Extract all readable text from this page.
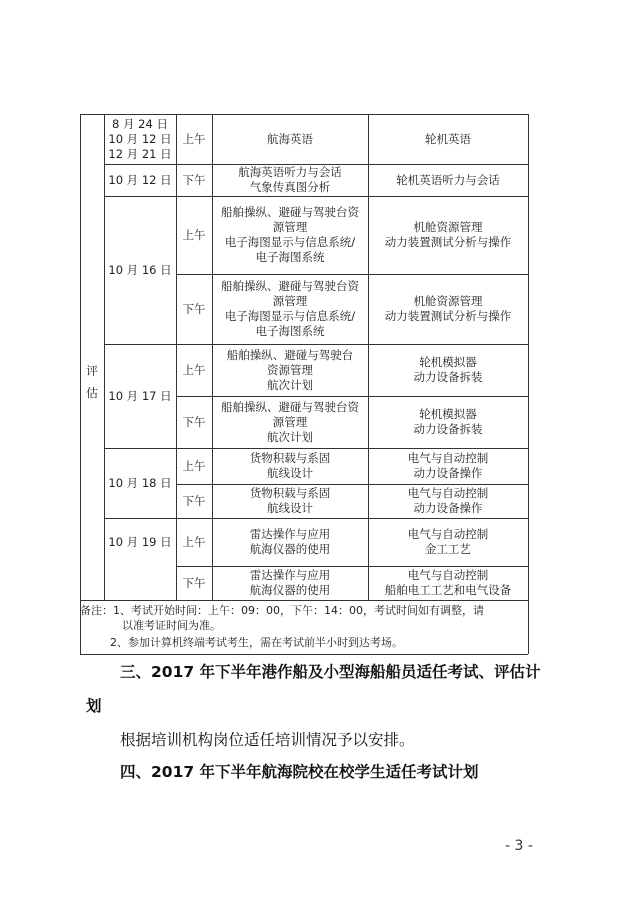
评
估
8 月 24 日
10 月 12 日
12 月 21 日
上午	航海英语	轮机英语
10 月 12 日 下午
航海英语听力与会话
气象传真图分析
轮机英语听力与会话
10 月 16 日
上午
船舶操纵、避碰与驾驶台资
源管理
电子海图显示与信息系统/
电子海图系统
机舱资源管理
动力装置测试分析与操作
下午
船舶操纵、避碰与驾驶台资
源管理
电子海图显示与信息系统/
电子海图系统
机舱资源管理
动力装置测试分析与操作
10 月 17 日
上午
船舶操纵、避碰与驾驶台
资源管理
航次计划
轮机模拟器
动力设备拆装
下午
船舶操纵、避碰与驾驶台资
源管理
航次计划
轮机模拟器
动力设备拆装
10 月 18 日
上午
货物积载与系固
航线设计
电气与自动控制
动力设备操作
下午
货物积载与系固
航线设计
电气与自动控制
动力设备操作
10 月 19 日 上午
雷达操作与应用
航海仪器的使用
电气与自动控制
金工工艺
下午
雷达操作与应用
航海仪器的使用
电气与自动控制
船舶电工工艺和电气设备
备注：1、考试开始时间：上午：09：00，下午：14：00，考试时间如有调整，请
以准考证时间为准。
2、参加计算机终端考试考生，需在考试前半小时到达考场。
三、2017 年下半年港作船及小型海船船员适任考试、评估计
划
根据培训机构岗位适任培训情况予以安排。
四、2017 年下半年航海院校在校学生适任考试计划
- 3 -
